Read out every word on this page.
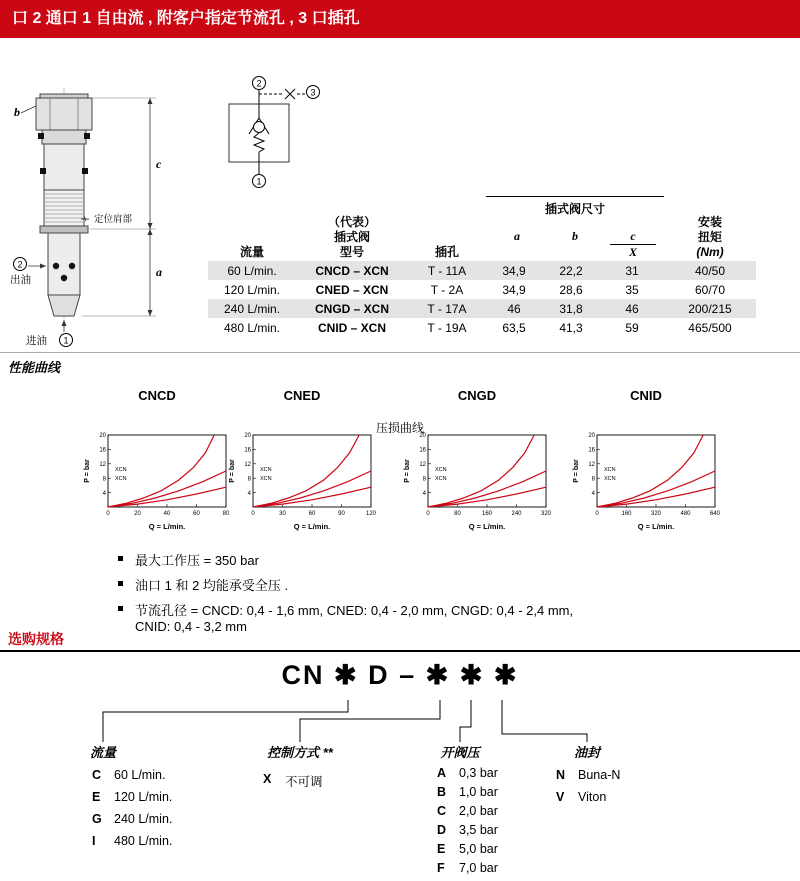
口 2 通口 1 自由流 , 附客户指定节流孔 , 3 口插孔
c
a
b
定位肩部
2
出油
进油 1
2
1
3
流量	
（代表）
插式阀
型号	插孔	
插式阀尺寸
a	b	c
X

安装
扭矩
(Nm)

60 L/min.	CNCD – XCN	T - 11A	34,9	22,2	31	40/50
120 L/min.	CNED – XCN	T - 2A	34,9	28,6	35	60/70
240 L/min.	CNGD – XCN	T - 17A	46	31,8	46	200/215
480 L/min.	CNID – XCN	T - 19A	63,5	41,3	59	465/500
性能曲线
压损曲线
CNCD
4
8
12
16
20
0	20	40	60	80
P = bar
Q = L/min.
XCN
XCN
CNED
4
8
12
16
20
0	30	60	90	120
P = bar
Q = L/min.
XCN
XCN
CNGD
4
8
12
16
20
0	80	160	240	320
P = bar
Q = L/min.
XCN
XCN
CNID
4
8
12
16
20
0	160	320	480	640
P = bar
Q = L/min.
XCN
XCN
最大工作压 = 350 bar
油口 1 和 2 均能承受全压 .
节流孔径 = CNCD: 0,4 - 1,6 mm, CNED: 0,4 - 2,0 mm, CNGD: 0,4 - 2,4 mm, CNID: 0,4 - 3,2 mm
选购规格
CN ✱ D – ✱ ✱ ✱
流量	控制方式 **	开阀压	油封
C	60 L/min.
E	120 L/min.
G 240 L/min.
I	480 L/min.
X	不可调
A	0,3 bar
B	1,0 bar
C	2,0 bar
D	3,5 bar
E	5,0 bar
F	7,0 bar
N	Buna-N
V	Viton
